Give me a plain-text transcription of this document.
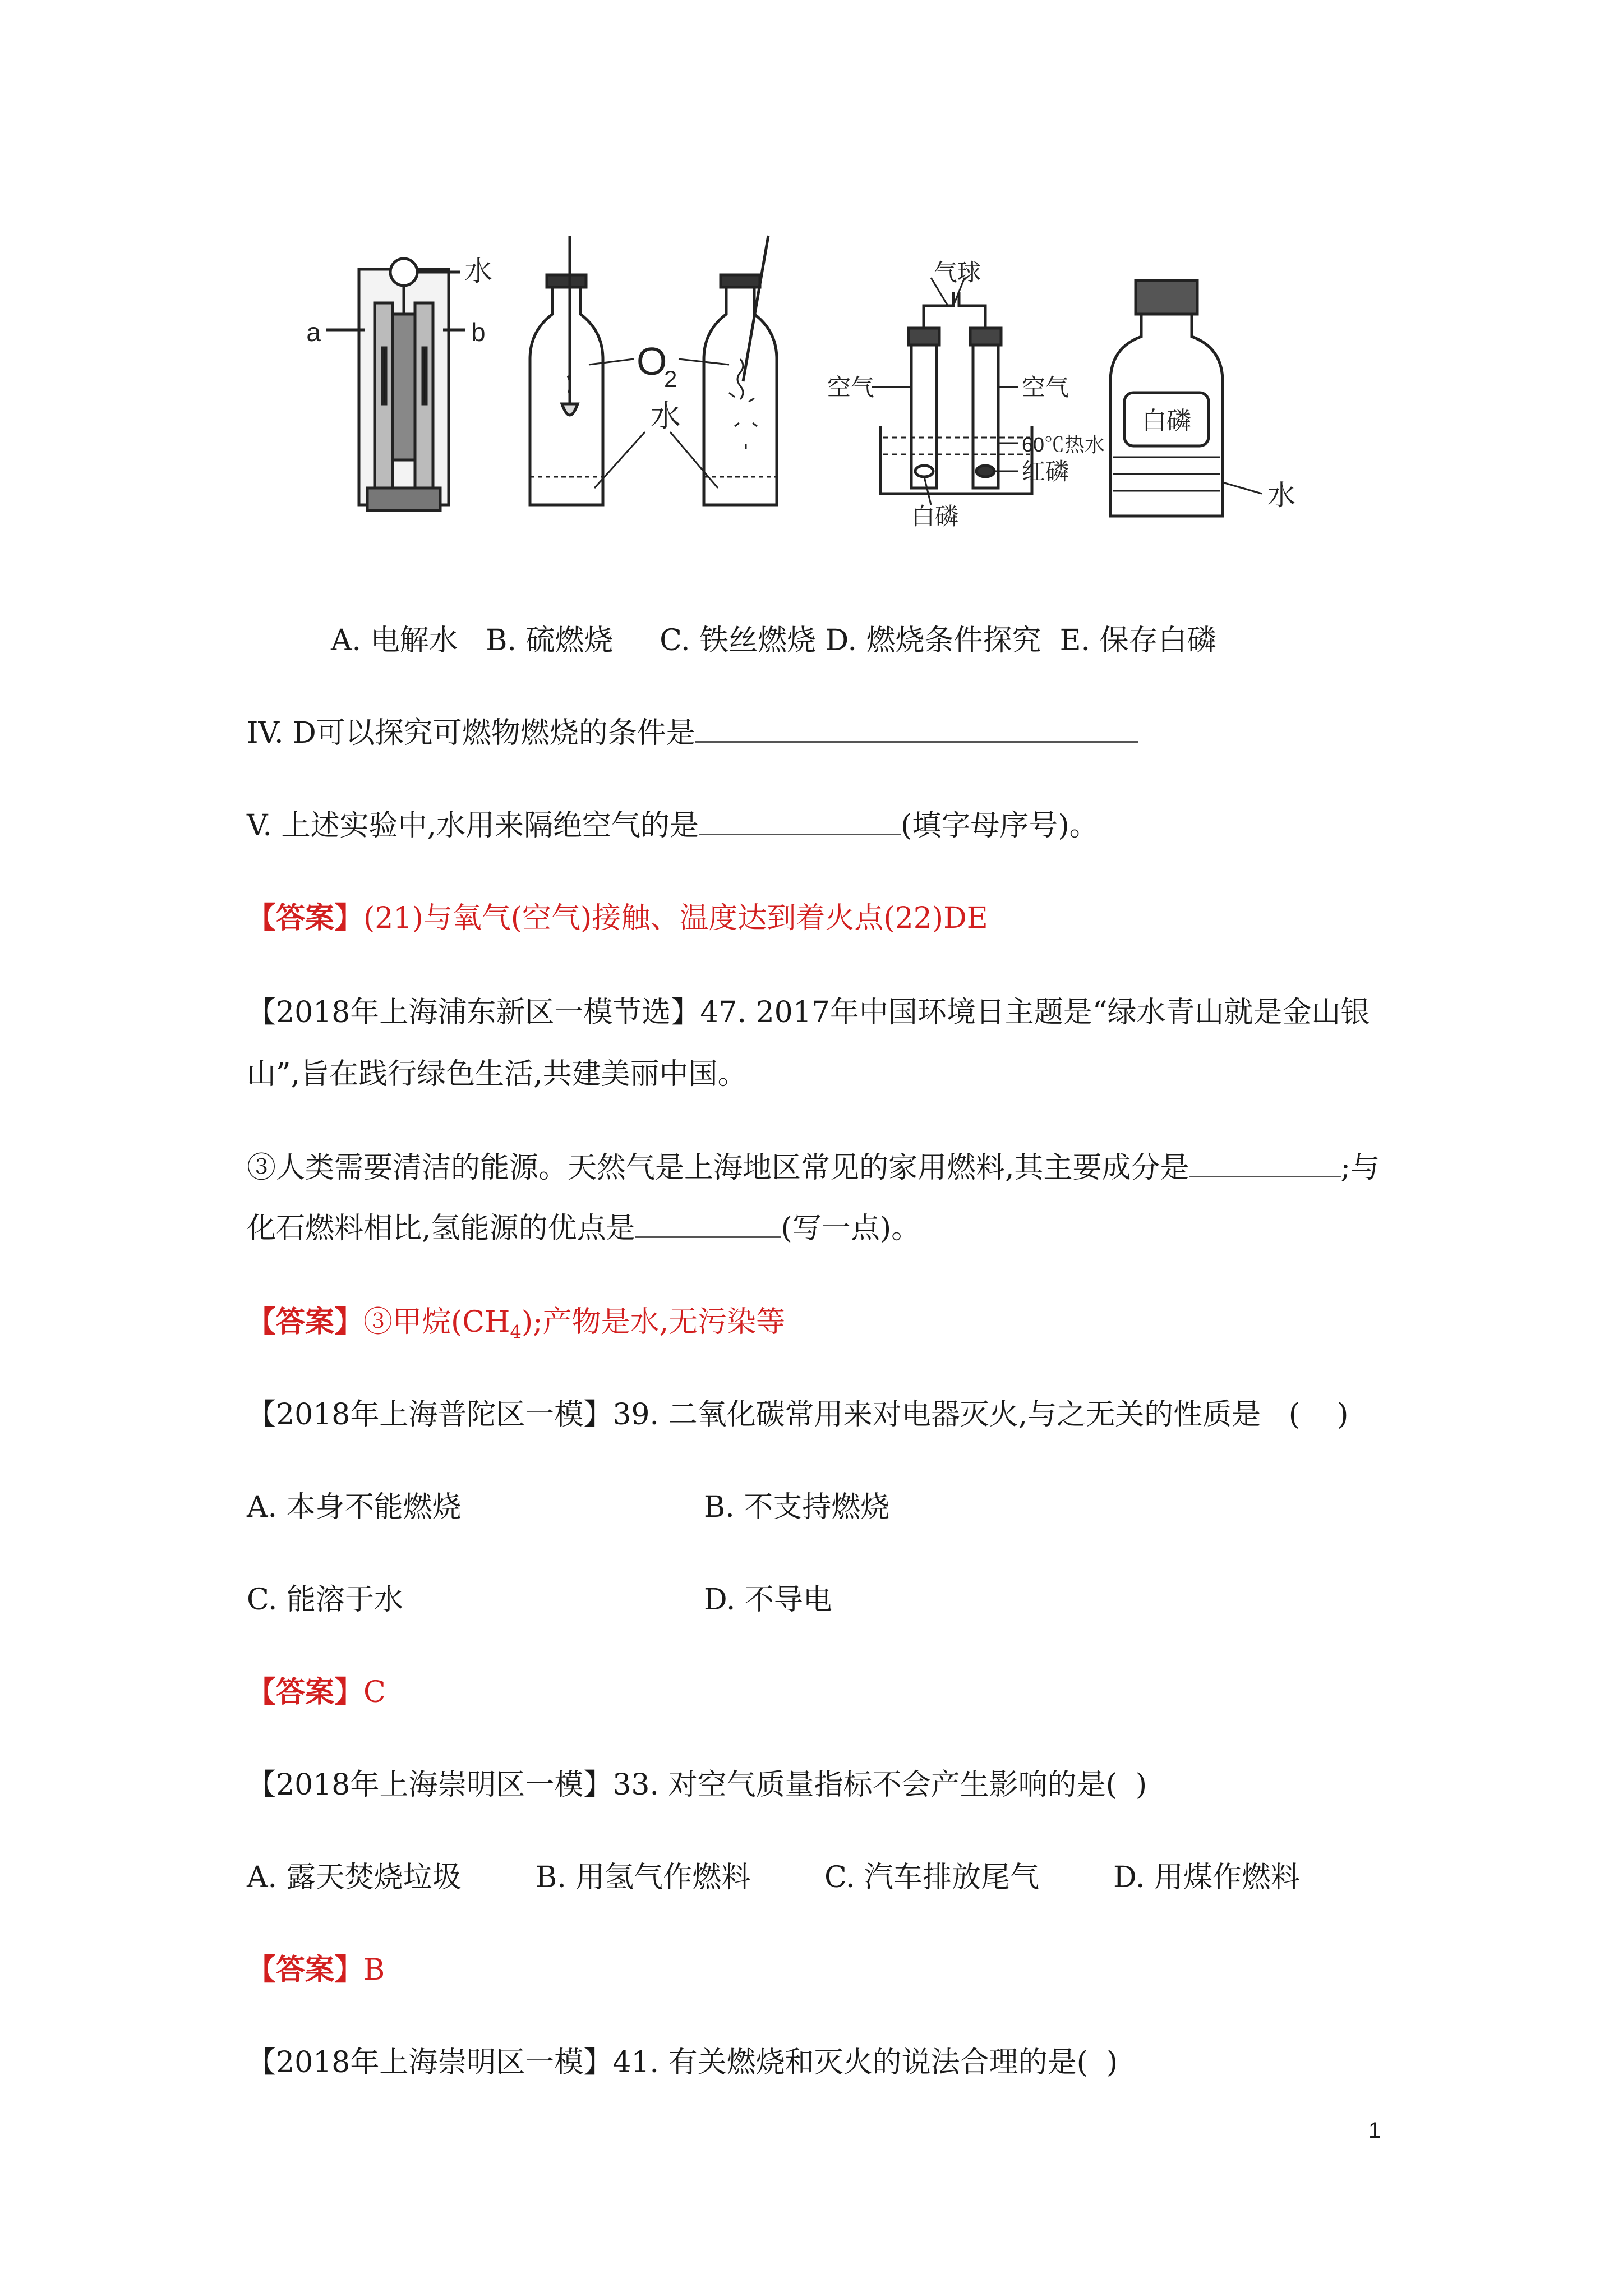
a	b
水
O
2
水
气球
空气	空气
60℃热水
红磷
白磷
白磷
水
A. 电解水   B. 硫燃烧     C. 铁丝燃烧 D. 燃烧条件探究  E. 保存白磷
IV. D可以探究可燃物燃烧的条件是
V. 上述实验中,水用来隔绝空气的是	(填字母序号)。
【答案】(21)与氧气(空气)接触、温度达到着火点(22)DE
【2018年上海浦东新区一模节选】47. 2017年中国环境日主题是“绿水青山就是金山银
山”,旨在践行绿色生活,共建美丽中国。
③人类需要清洁的能源。天然气是上海地区常见的家用燃料,其主要成分是	;与
化石燃料相比,氢能源的优点是	(写一点)。
【答案】③甲烷$(CH_4)$;产物是水,无污染等
【2018年上海普陀区一模】39. 二氧化碳常用来对电器灭火,与之无关的性质是   (    )
A. 本身不能燃烧	B. 不支持燃烧
C. 能溶于水	D. 不导电
【答案】C
【2018年上海崇明区一模】33. 对空气质量指标不会产生影响的是(  )
A. 露天焚烧垃圾	B. 用氢气作燃料	C. 汽车排放尾气	D. 用煤作燃料
【答案】B
【2018年上海崇明区一模】41. 有关燃烧和灭火的说法合理的是(  )
1
